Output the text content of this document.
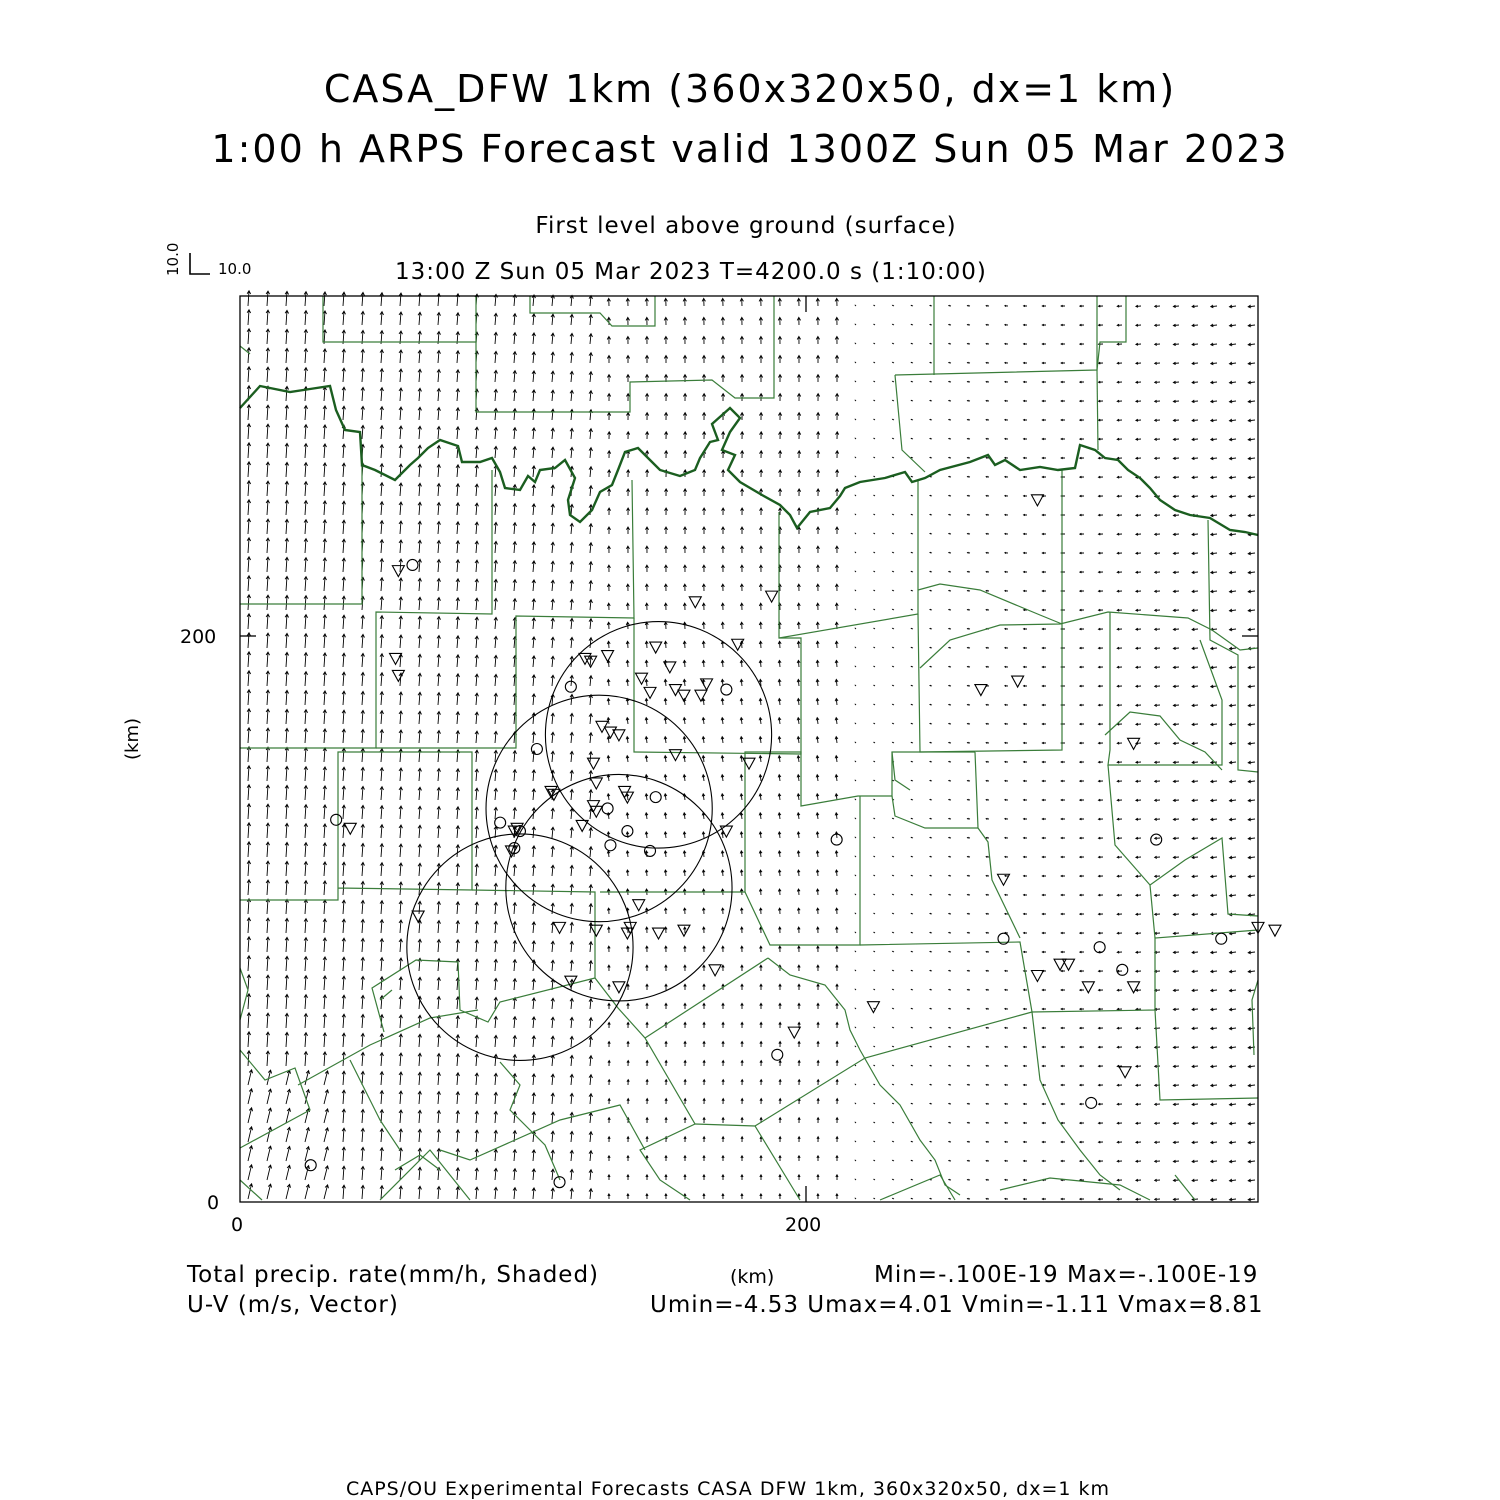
CASA_DFW 1km (360x320x50, dx=1 km)
1:00 h ARPS Forecast valid 1300Z Sun 05 Mar 2023
First level above ground (surface)
13:00 Z Sun 05 Mar 2023 T=4200.0 s (1:10:00)
10.0 10.0
200
0
0	200
(km)
(km)
Total precip. rate(mm/h, Shaded)
U-V (m/s, Vector)
Min=-.100E-19 Max=-.100E-19
Umin=-4.53 Umax=4.01 Vmin=-1.11 Vmax=8.81
CAPS/OU Experimental Forecasts CASA DFW 1km, 360x320x50, dx=1 km
